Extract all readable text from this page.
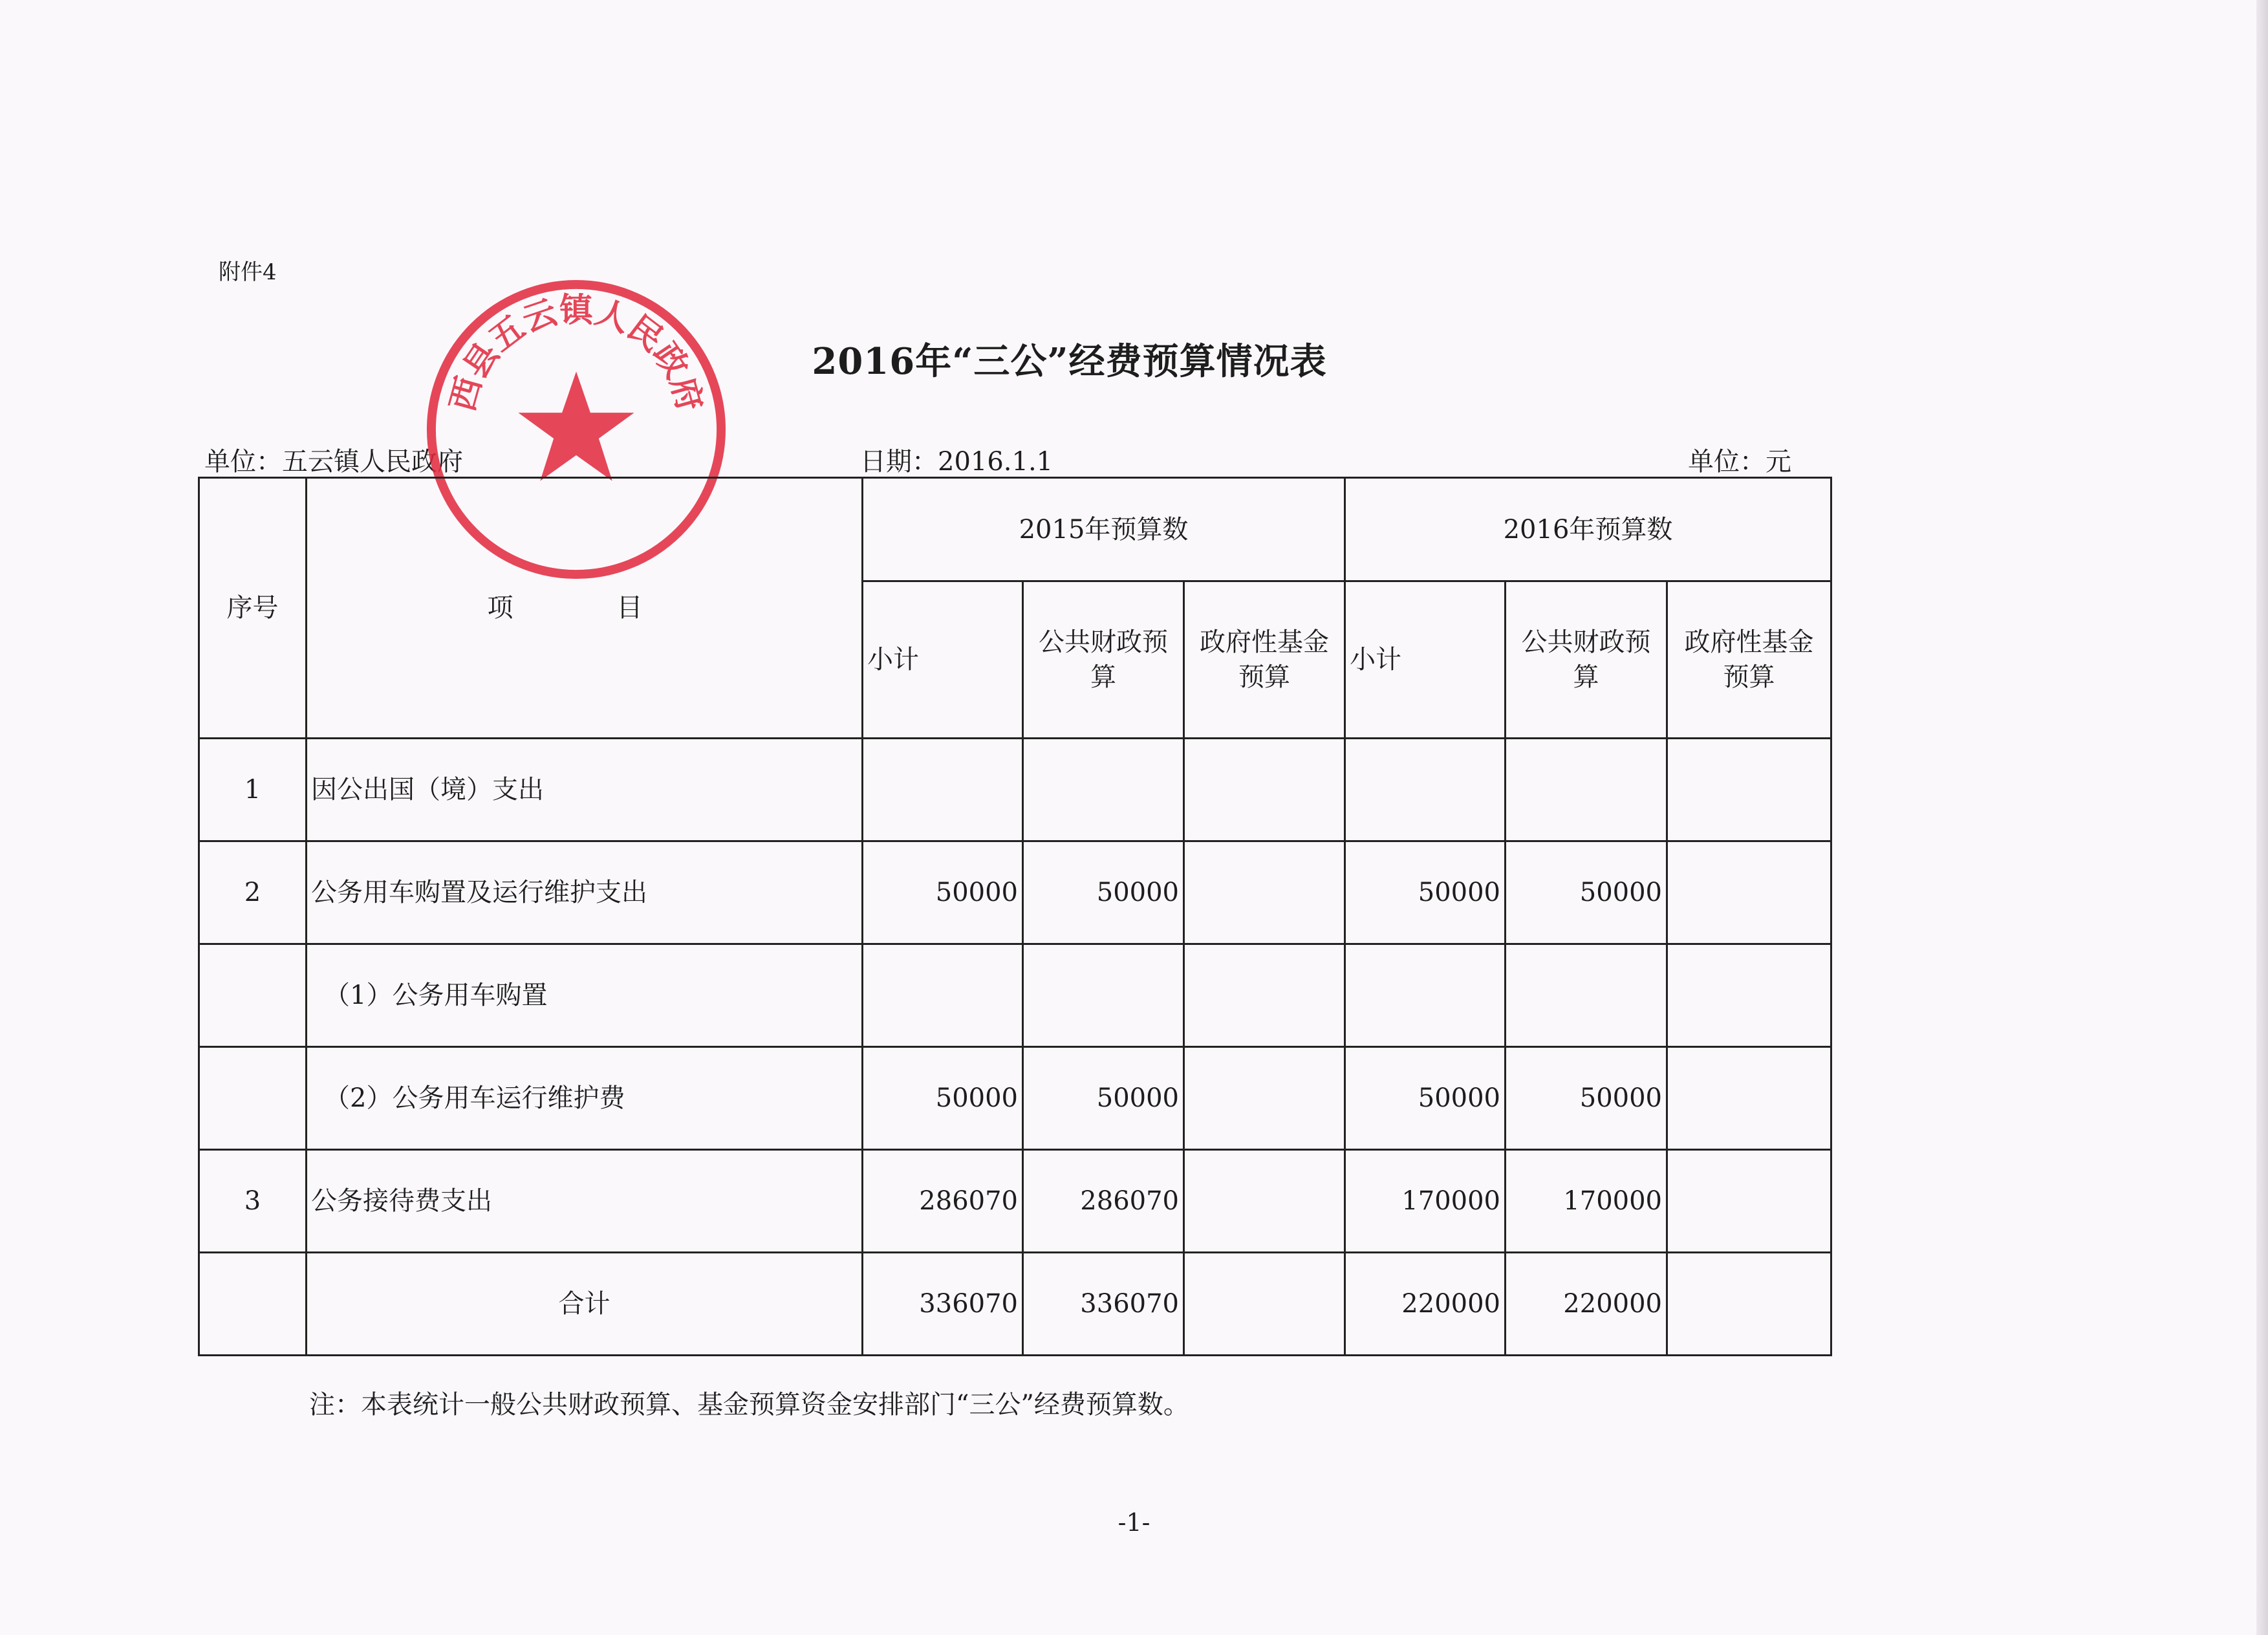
附件4
2016年“三公”经费预算情况表
单位：五云镇人民政府	日期：2016.1.1	单位：元
西县五云镇人民政府
序号	项　目	2015年预算数			2016年预算数		
		小计	公共财政预算	政府性基金预算	小计	公共财政预算	政府性基金预算
1	因公出国（境）支出						
2	公务用车购置及运行维护支出	50000	50000		50000	50000	
	（1）公务用车购置						
	（2）公务用车运行维护费	50000	50000		50000	50000	
3	公务接待费支出	286070	286070		170000	170000	
	合计	336070	336070		220000	220000	
注：本表统计一般公共财政预算、基金预算资金安排部门“三公”经费预算数。
-1-
